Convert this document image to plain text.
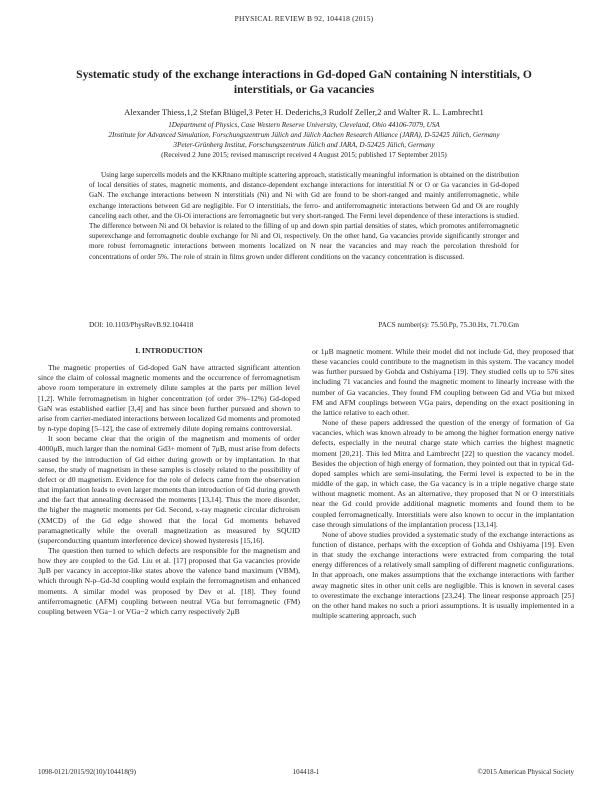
PHYSICAL REVIEW B 92, 104418 (2015)
Systematic study of the exchange interactions in Gd-doped GaN containing N interstitials, O interstitials, or Ga vacancies
Alexander Thiess,1,2 Stefan Blügel,3 Peter H. Dederichs,3 Rudolf Zeller,2 and Walter R. L. Lambrecht1
1Department of Physics, Case Western Reserve University, Cleveland, Ohio 44106-7079, USA
2Institute for Advanced Simulation, Forschungszentrum Jülich and Jülich Aachen Research Alliance (JARA), D-52425 Jülich, Germany
3Peter-Grünberg Institut, Forschungszentrum Jülich and JARA, D-52425 Jülich, Germany
(Received 2 June 2015; revised manuscript received 4 August 2015; published 17 September 2015)

Using large supercells models and the KKRnano multiple scattering approach, statistically meaningful information is obtained on the distribution of local densities of states, magnetic moments, and distance-dependent exchange interactions for interstitial N or O or Ga vacancies in Gd-doped GaN. The exchange interactions between N interstitials (Ni) and Ni with Gd are found to be short-ranged and mainly antiferromagnetic, while exchange interactions between Gd are negligible. For O interstitials, the ferro- and antiferromagnetic interactions between Gd and Oi are roughly canceling each other, and the Oi-Oi interactions are ferromagnetic but very short-ranged. The Fermi level dependence of these interactions is studied. The difference between Ni and Oi behavior is related to the filling of up and down spin partial densities of states, which promotes antiferromagnetic superexchange and ferromagnetic double exchange for Ni and Oi, respectively. On the other hand, Ga vacancies provide significantly stronger and more robust ferromagnetic interactions between moments localized on N near the vacancies and may reach the percolation threshold for concentrations of order 5%. The role of strain in films grown under different conditions on the vacancy concentration is discussed.

DOI: 10.1103/PhysRevB.92.104418	PACS number(s): 75.50.Pp, 75.30.Hx, 71.70.Gm
I. INTRODUCTION

The magnetic properties of Gd-doped GaN have attracted significant attention since the claim of colossal magnetic moments and the occurrence of ferromagnetism above room temperature in extremely dilute samples at the parts per million level [1,2]. While ferromagnetism in higher concentration (of order 3%–12%) Gd-doped GaN was established earlier [3,4] and has since been further pursued and shown to arise from carrier-mediated interactions between localized Gd moments and promoted by n-type doping [5–12], the case of extremely dilute doping remains controversial.

It soon became clear that the origin of the magnetism and moments of order 4000μB, much larger than the nominal Gd3+ moment of 7μB, must arise from defects caused by the introduction of Gd either during growth or by implantation. In that sense, the study of magnetism in these samples is closely related to the possibility of defect or d0 magnetism. Evidence for the role of defects came from the observation that implantation leads to even larger moments than introduction of Gd during growth and the fact that annealing decreased the moments [13,14]. Thus the more disorder, the higher the magnetic moments per Gd. Second, x-ray magnetic circular dichroism (XMCD) of the Gd edge showed that the local Gd moments behaved paramagnetically while the overall magnetization as measured by SQUID (superconducting quantum interference device) showed hysteresis [15,16].

The question then turned to which defects are responsible for the magnetism and how they are coupled to the Gd. Liu et al. [17] proposed that Ga vacancies provide 3μB per vacancy in acceptor-like states above the valence band maximum (VBM), which through N-p–Gd-3d coupling would explain the ferromagnetism and enhanced moments. A similar model was proposed by Dev et al. [18]. They found antiferromagnetic (AFM) coupling between neutral VGa but ferromagnetic (FM) coupling between VGa−1 or VGa−2 which carry respectively 2μB

or 1μB magnetic moment. While their model did not include Gd, they proposed that these vacancies could contribute to the magnetism in this system. The vacancy model was further pursued by Gohda and Oshiyama [19]. They studied cells up to 576 sites including 71 vacancies and found the magnetic moment to linearly increase with the number of Ga vacancies. They found FM coupling between Gd and VGa but mixed FM and AFM couplings between VGa pairs, depending on the exact positioning in the lattice relative to each other.

None of these papers addressed the question of the energy of formation of Ga vacancies, which was known already to be among the higher formation energy native defects, especially in the neutral charge state which carries the highest magnetic moment [20,21]. This led Mitra and Lambrecht [22] to question the vacancy model. Besides the objection of high energy of formation, they pointed out that in typical Gd-doped samples which are semi-insulating, the Fermi level is expected to be in the middle of the gap, in which case, the Ga vacancy is in a triple negative charge state without magnetic moment. As an alternative, they proposed that N or O interstitials near the Gd could provide additional magnetic moments and found them to be coupled ferromagnetically. Interstitials were also known to occur in the implantation case through simulations of the implantation process [13,14].

None of above studies provided a systematic study of the exchange interactions as function of distance, perhaps with the exception of Gohda and Oshiyama [19]. Even in that study the exchange interactions were extracted from comparing the total energy differences of a relatively small sampling of different magnetic configurations. In that approach, one makes assumptions that the exchange interactions with farther away magnetic sites in other unit cells are negligible. This is known in several cases to overestimate the exchange interactions [23,24]. The linear response approach [25] on the other hand makes no such a priori assumptions. It is usually implemented in a multiple scattering approach, such

1098-0121/2015/92(10)/104418(9)	104418-1	©2015 American Physical Society
